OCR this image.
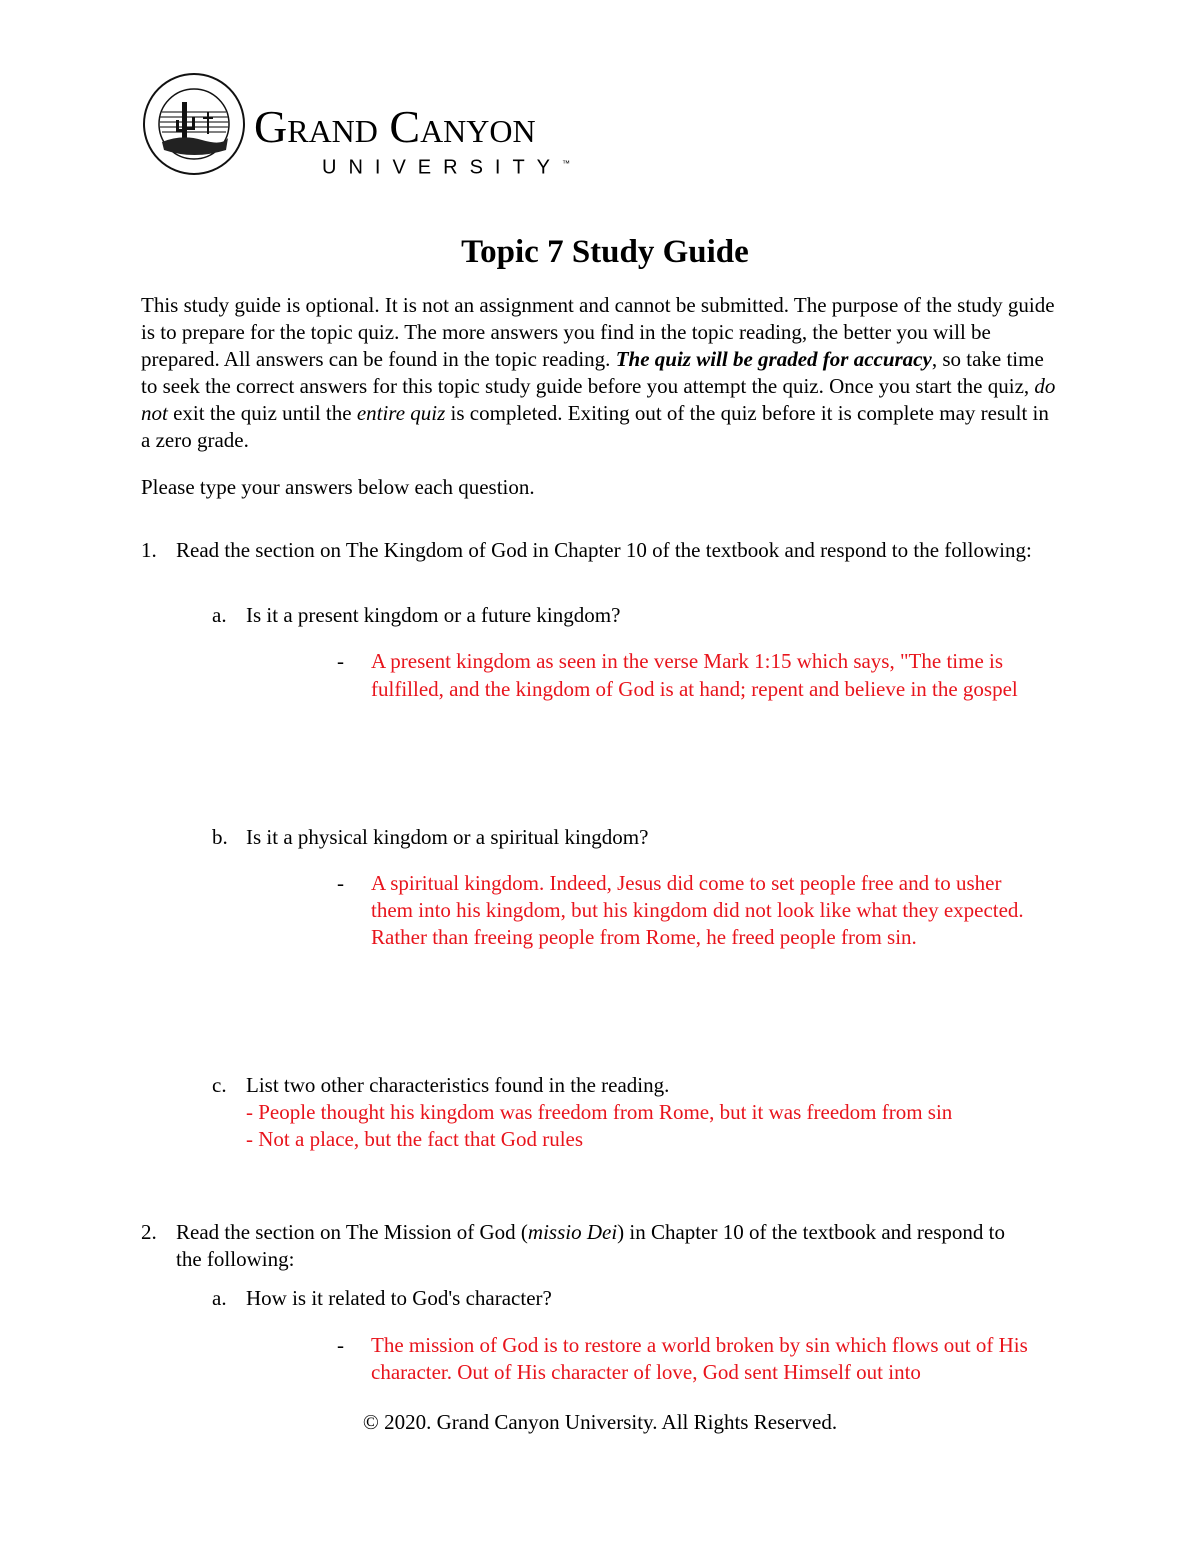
Grand Canyon
UNIVERSITY™
Topic 7 Study Guide
This study guide is optional. It is not an assignment and cannot be submitted. The purpose of the study guide is to prepare for the topic quiz. The more answers you find in the topic reading, the better you will be prepared. All answers can be found in the topic reading. The quiz will be graded for accuracy, so take time to seek the correct answers for this topic study guide before you attempt the quiz. Once you start the quiz, do not exit the quiz until the entire quiz is completed. Exiting out of the quiz before it is complete may result in a zero grade.
Please type your answers below each question.
1. Read the section on The Kingdom of God in Chapter 10 of the textbook and respond to the following:
a. Is it a present kingdom or a future kingdom?
- A present kingdom as seen in the verse Mark 1:15 which says, "The time is fulfilled, and the kingdom of God is at hand; repent and believe in the gospel
b. Is it a physical kingdom or a spiritual kingdom?
- A spiritual kingdom. Indeed, Jesus did come to set people free and to usher them into his kingdom, but his kingdom did not look like what they expected. Rather than freeing people from Rome, he freed people from sin.
c. List two other characteristics found in the reading.
- People thought his kingdom was freedom from Rome, but it was freedom from sin
- Not a place, but the fact that God rules
2. Read the section on The Mission of God (missio Dei) in Chapter 10 of the textbook and respond to the following:
a. How is it related to God's character?
- The mission of God is to restore a world broken by sin which flows out of His character. Out of His character of love, God sent Himself out into
© 2020. Grand Canyon University. All Rights Reserved.
